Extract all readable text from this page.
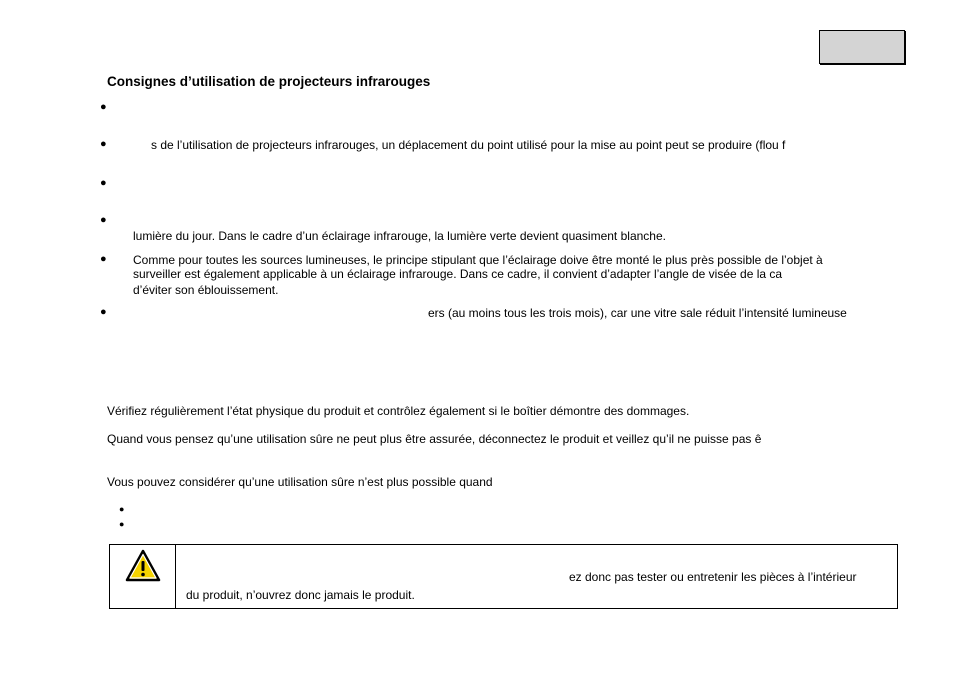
Consignes d’utilisation de projecteurs infrarouges
●
●	s de l’utilisation de projecteurs infrarouges, un déplacement du point utilisé pour la mise au point peut se produire (flou f
●
●
lumière du jour. Dans le cadre d’un éclairage infrarouge, la lumière verte devient quasiment blanche.
● Comme pour toutes les sources lumineuses, le principe stipulant que l’éclairage doive être monté le plus près possible de l’objet à
surveiller est également applicable à un éclairage infrarouge. Dans ce cadre, il convient d’adapter l’angle de visée de la ca
d’éviter son éblouissement.
●	ers (au moins tous les trois mois), car une vitre sale réduit l’intensité lumineuse
Vérifiez régulièrement l’état physique du produit et contrôlez également si le boîtier démontre des dommages.
Quand vous pensez qu’une utilisation sûre ne peut plus être assurée, déconnectez le produit et veillez qu’il ne puisse pas ê
Vous pouvez considérer qu’une utilisation sûre n’est plus possible quand
●
●
ez donc pas tester ou entretenir les pièces à l’intérieur
du produit, n’ouvrez donc jamais le produit.
